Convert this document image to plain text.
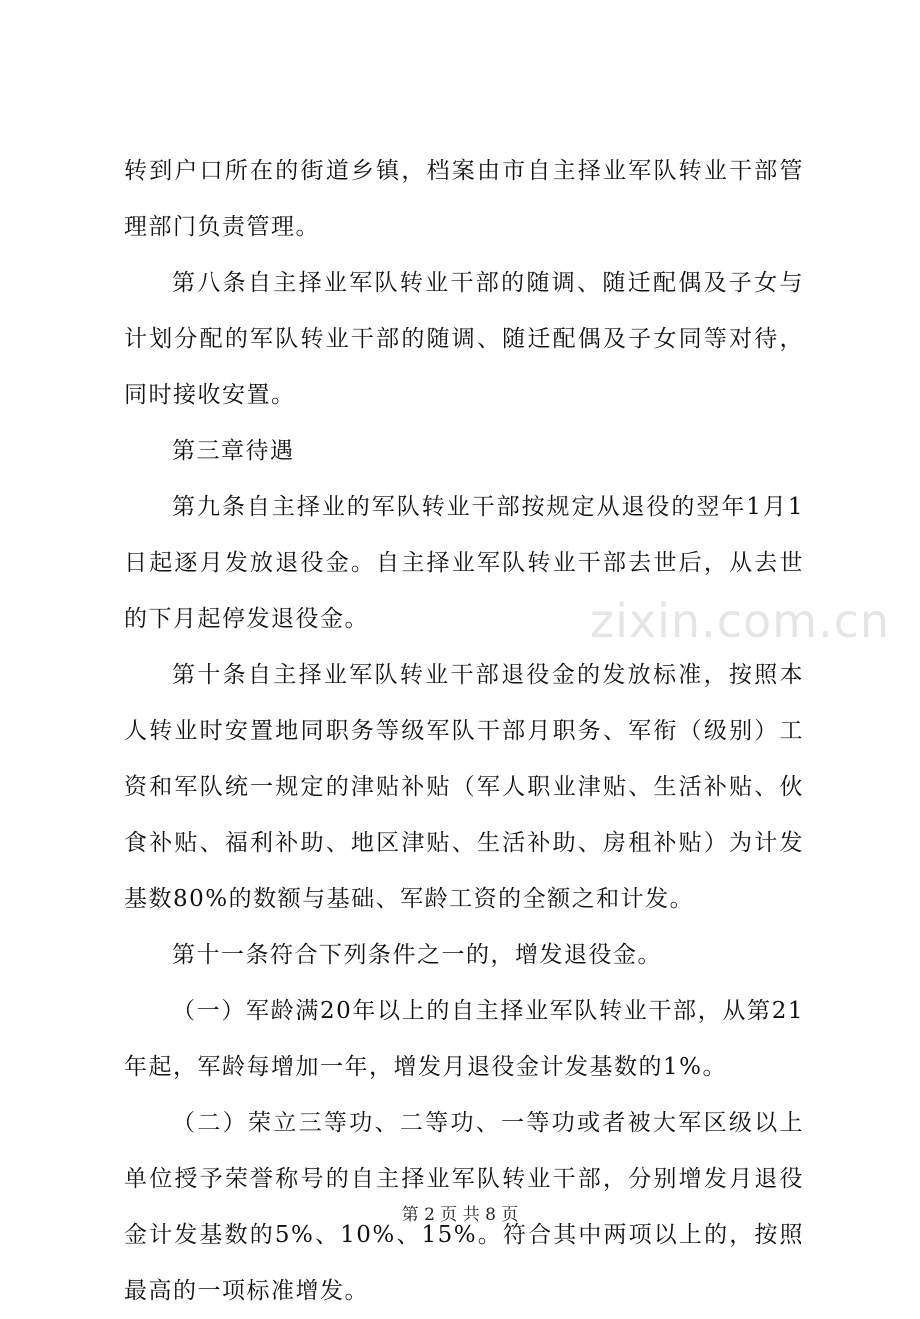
转到户口所在的街道乡镇，档案由市自主择业军队转业干部管理部门负责管理。

第八条自主择业军队转业干部的随调、随迁配偶及子女与计划分配的军队转业干部的随调、随迁配偶及子女同等对待，同时接收安置。

第三章待遇

第九条自主择业的军队转业干部按规定从退役的翌年1月1日起逐月发放退役金。自主择业军队转业干部去世后，从去世的下月起停发退役金。

第十条自主择业军队转业干部退役金的发放标准，按照本人转业时安置地同职务等级军队干部月职务、军衔（级别）工资和军队统一规定的津贴补贴（军人职业津贴、生活补贴、伙食补贴、福利补助、地区津贴、生活补助、房租补贴）为计发基数80%的数额与基础、军龄工资的全额之和计发。

第十一条符合下列条件之一的，增发退役金。

（一）军龄满20年以上的自主择业军队转业干部，从第21年起，军龄每增加一年，增发月退役金计发基数的1%。

（二）荣立三等功、二等功、一等功或者被大军区级以上单位授予荣誉称号的自主择业军队转业干部，分别增发月退役金计发基数的5%、10%、15%。符合其中两项以上的，按照最高的一项标准增发。

zixin.com.cn
第 2 页 共 8 页
